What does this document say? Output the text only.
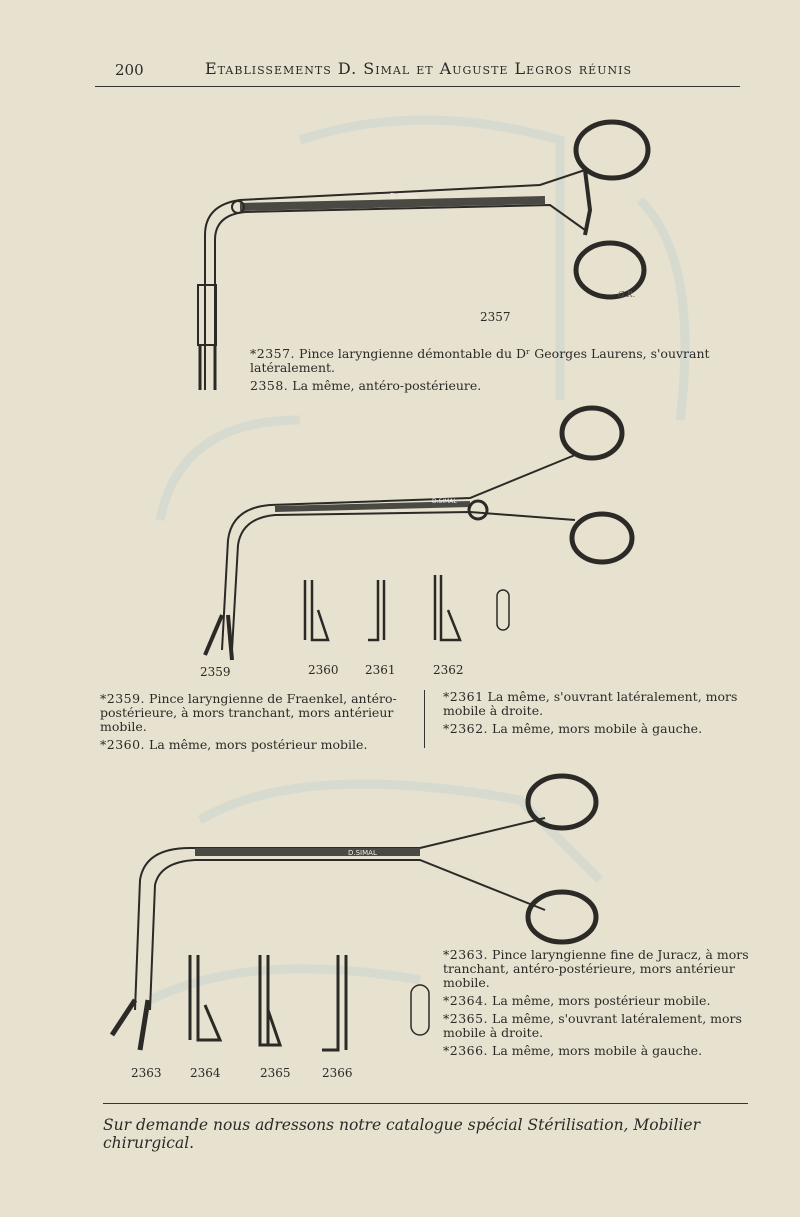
200	Etablissements D. Simal et Auguste Legros réunis
D.SIMAL
G.R.
D.SIMAL
D.SIMAL
2357
2359	2360 2361	2362
2363 2364	2365	2366
*2357. Pince laryngienne démontable du Dʳ Georges Laurens, s'ouvrant latéralement.
2358. La même, antéro-postérieure.
*2359. Pince laryngienne de Fraenkel, antéro-postérieure, à mors tranchant, mors antérieur mobile.
*2360. La même, mors postérieur mobile.
*2361 La même, s'ouvrant latéralement, mors mobile à droite.
*2362. La même, mors mobile à gauche.
*2363. Pince laryngienne fine de Juracz, à mors tranchant, antéro-postérieure, mors antérieur mobile.
*2364. La même, mors postérieur mobile.
*2365. La même, s'ouvrant latéralement, mors mobile à droite.
*2366. La même, mors mobile à gauche.
Sur demande nous adressons notre catalogue spécial Stérilisation, Mobilier chirurgical.
